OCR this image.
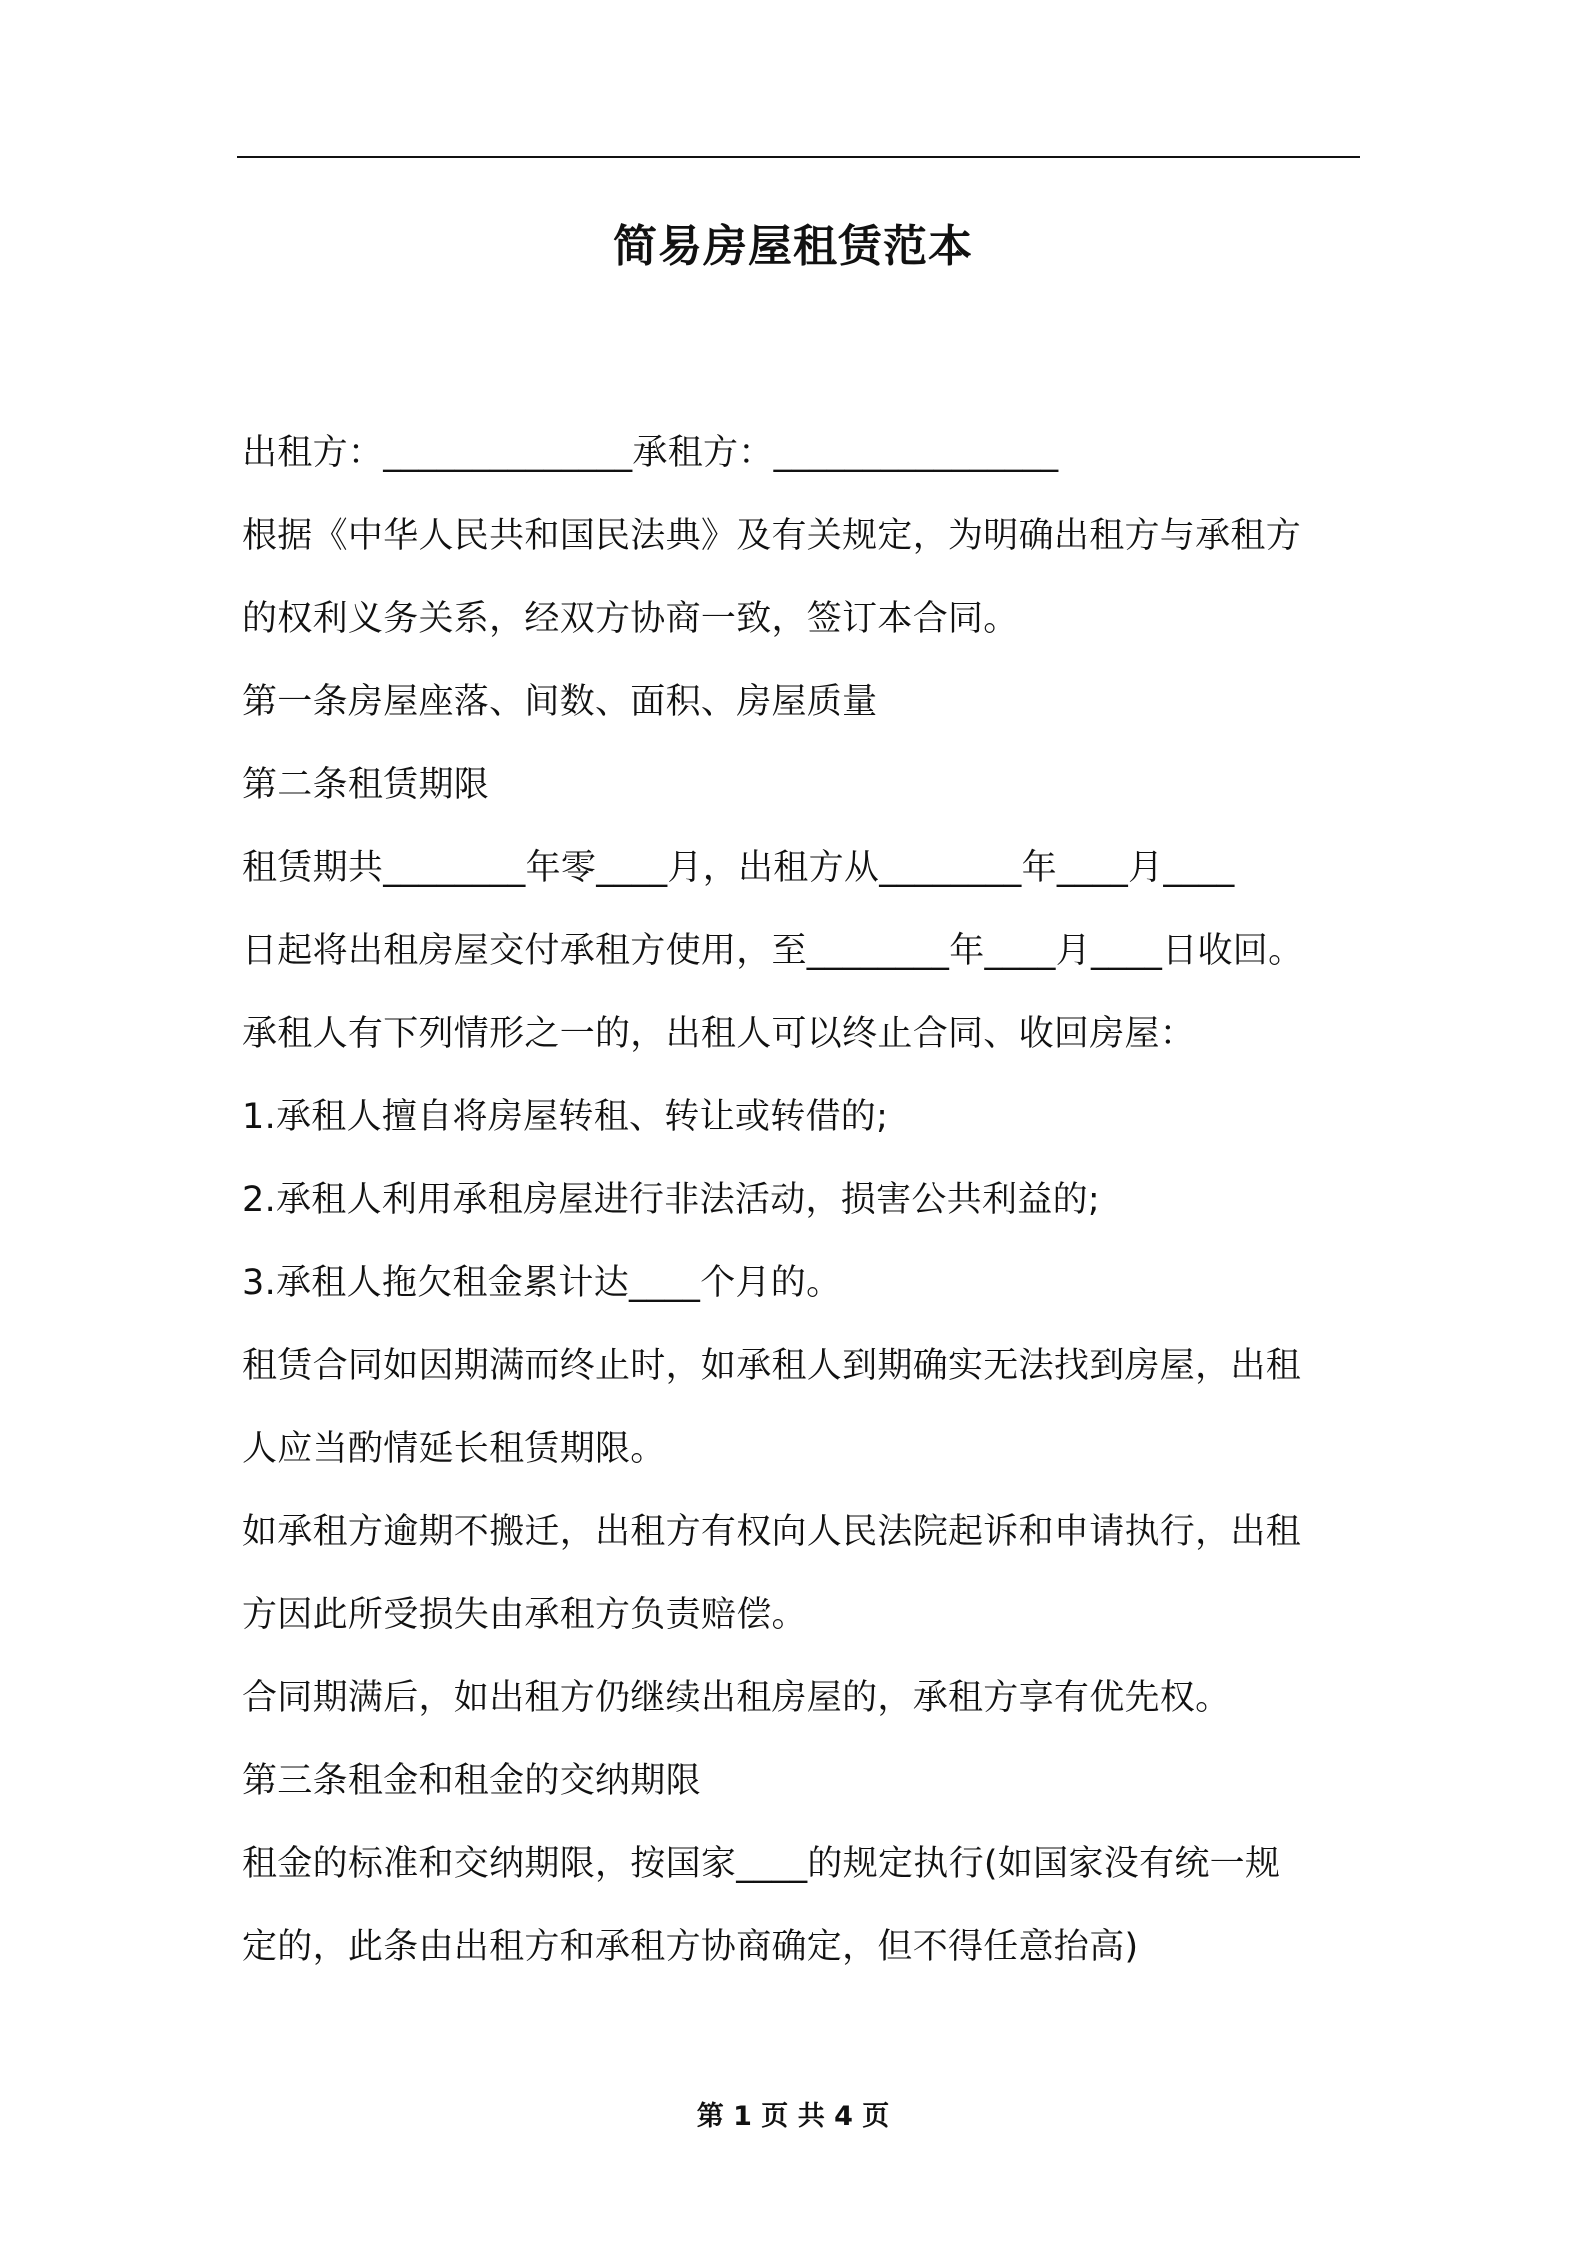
简易房屋租赁范本
出租方：______________承租方：________________
根据《中华人民共和国民法典》及有关规定，为明确出租方与承租方
的权利义务关系，经双方协商一致，签订本合同。
第一条房屋座落、间数、面积、房屋质量
第二条租赁期限
租赁期共________年零____月，出租方从________年____月____
日起将出租房屋交付承租方使用，至________年____月____日收回。
承租人有下列情形之一的，出租人可以终止合同、收回房屋：
1.承租人擅自将房屋转租、转让或转借的;
2.承租人利用承租房屋进行非法活动，损害公共利益的;
3.承租人拖欠租金累计达____个月的。
租赁合同如因期满而终止时，如承租人到期确实无法找到房屋，出租
人应当酌情延长租赁期限。
如承租方逾期不搬迁，出租方有权向人民法院起诉和申请执行，出租
方因此所受损失由承租方负责赔偿。
合同期满后，如出租方仍继续出租房屋的，承租方享有优先权。
第三条租金和租金的交纳期限
租金的标准和交纳期限，按国家____的规定执行(如国家没有统一规
定的，此条由出租方和承租方协商确定，但不得任意抬高)
第 1 页 共 4 页
